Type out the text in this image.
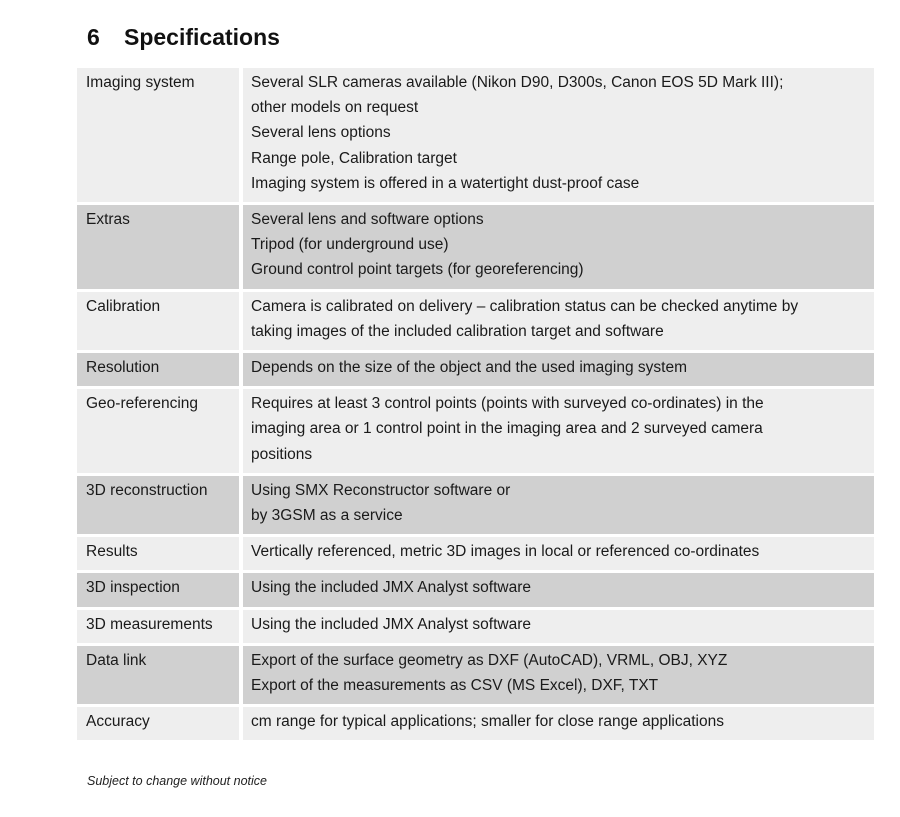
6 Specifications
Imaging system	Several SLR cameras available (Nikon D90, D300s, Canon EOS 5D Mark III);
other models on request
Several lens options
Range pole, Calibration target
Imaging system is offered in a watertight dust-proof case

Extras	Several lens and software options
Tripod (for underground use)
Ground control point targets (for georeferencing)

Calibration	Camera is calibrated on delivery – calibration status can be checked anytime by
taking images of the included calibration target and software

Resolution	Depends on the size of the object and the used imaging system

Geo-referencing	Requires at least 3 control points (points with surveyed co-ordinates) in the
imaging area or 1 control point in the imaging area and 2 surveyed camera
positions

3D reconstruction	Using SMX Reconstructor software or
by 3GSM as a service

Results	Vertically referenced, metric 3D images in local or referenced co-ordinates

3D inspection	Using the included JMX Analyst software

3D measurements	Using the included JMX Analyst software

Data link	Export of the surface geometry as DXF (AutoCAD), VRML, OBJ, XYZ
Export of the measurements as CSV (MS Excel), DXF, TXT

Accuracy	cm range for typical applications; smaller for close range applications
Subject to change without notice
